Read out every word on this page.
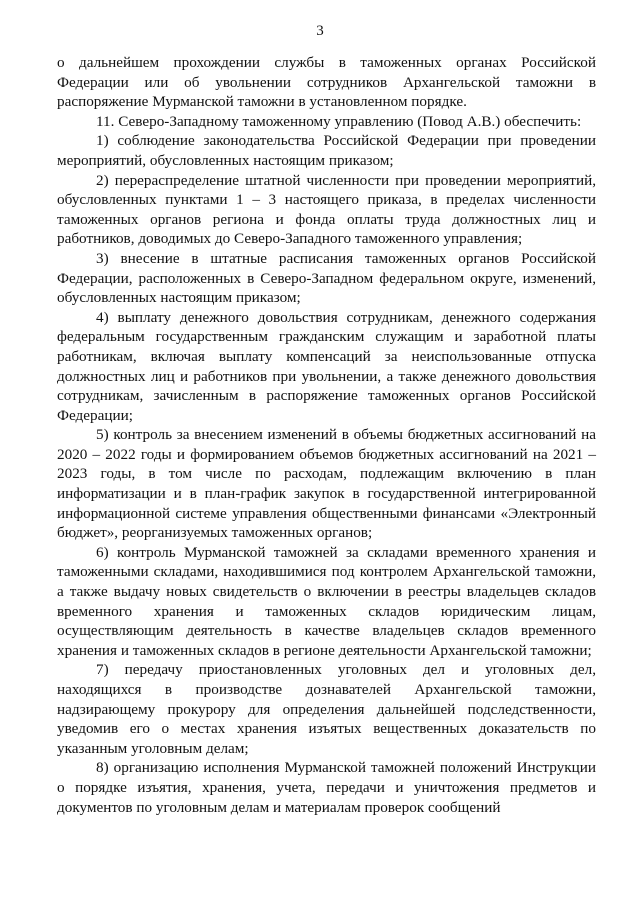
3

о дальнейшем прохождении службы в таможенных органах Российской Федерации или об увольнении сотрудников Архангельской таможни в распоряжение Мурманской таможни в установленном порядке.

11. Северо-Западному таможенному управлению (Повод А.В.) обеспечить:

1) соблюдение законодательства Российской Федерации при проведении мероприятий, обусловленных настоящим приказом;

2) перераспределение штатной численности при проведении мероприятий, обусловленных пунктами 1 – 3 настоящего приказа, в пределах численности таможенных органов региона и фонда оплаты труда должностных лиц и работников, доводимых до Северо-Западного таможенного управления;

3) внесение в штатные расписания таможенных органов Российской Федерации, расположенных в Северо-Западном федеральном округе, изменений, обусловленных настоящим приказом;

4) выплату денежного довольствия сотрудникам, денежного содержания федеральным государственным гражданским служащим и заработной платы работникам, включая выплату компенсаций за неиспользованные отпуска должностных лиц и работников при увольнении, а также денежного довольствия сотрудникам, зачисленным в распоряжение таможенных органов Российской Федерации;

5) контроль за внесением изменений в объемы бюджетных ассигнований на 2020 – 2022 годы и формированием объемов бюджетных ассигнований на 2021 – 2023 годы, в том числе по расходам, подлежащим включению в план информатизации и в план-график закупок в государственной интегрированной информационной системе управления общественными финансами «Электронный бюджет», реорганизуемых таможенных органов;

6) контроль Мурманской таможней за складами временного хранения и таможенными складами, находившимися под контролем Архангельской таможни, а также выдачу новых свидетельств о включении в реестры владельцев складов временного хранения и таможенных складов юридическим лицам, осуществляющим деятельность в качестве владельцев складов временного хранения и таможенных складов в регионе деятельности Архангельской таможни;

7) передачу приостановленных уголовных дел и уголовных дел, находящихся в производстве дознавателей Архангельской таможни, надзирающему прокурору для определения дальнейшей подследственности, уведомив его о местах хранения изъятых вещественных доказательств по указанным уголовным делам;

8) организацию исполнения Мурманской таможней положений Инструкции о порядке изъятия, хранения, учета, передачи и уничтожения предметов и документов по уголовным делам и материалам проверок сообщений
